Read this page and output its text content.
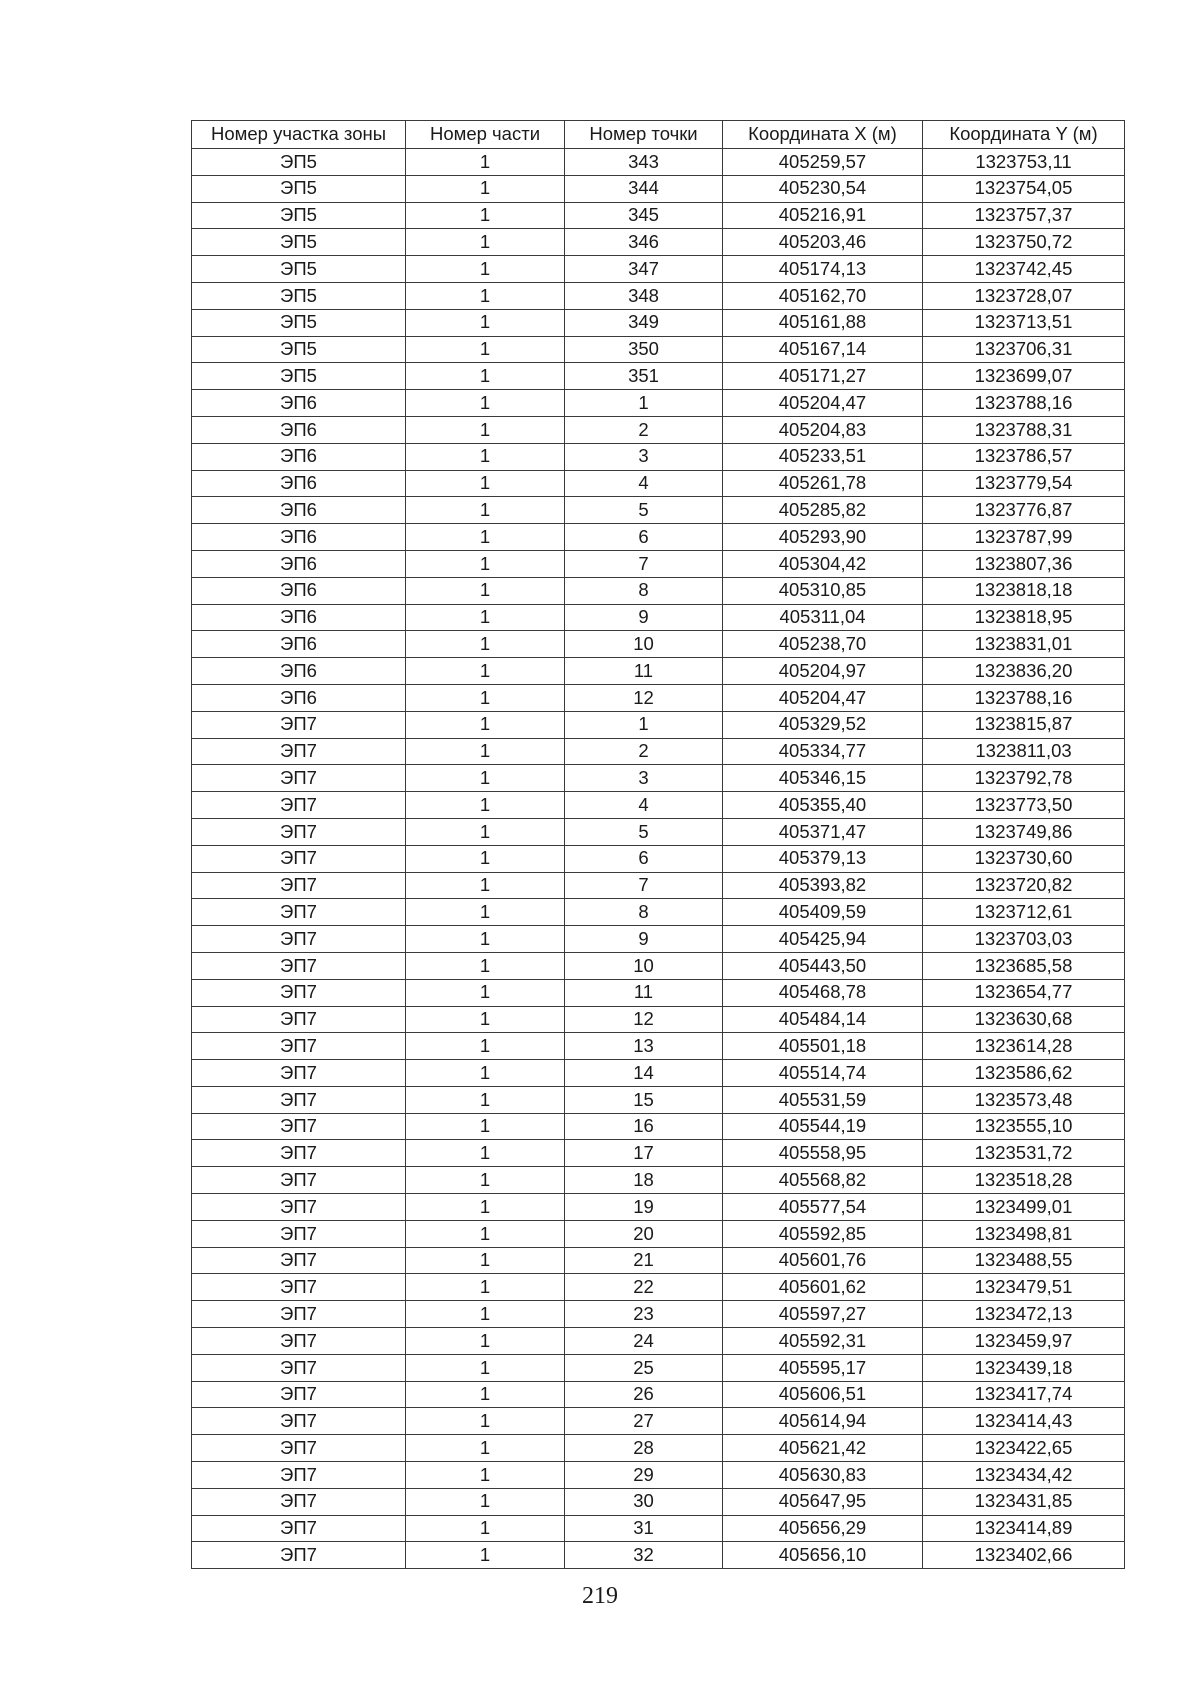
Номер участка зоны	Номер части	Номер точки	Координата X (м)	Координата Y (м)
ЭП5	1	343	405259,57	1323753,11
ЭП5	1	344	405230,54	1323754,05
ЭП5	1	345	405216,91	1323757,37
ЭП5	1	346	405203,46	1323750,72
ЭП5	1	347	405174,13	1323742,45
ЭП5	1	348	405162,70	1323728,07
ЭП5	1	349	405161,88	1323713,51
ЭП5	1	350	405167,14	1323706,31
ЭП5	1	351	405171,27	1323699,07
ЭП6	1	1	405204,47	1323788,16
ЭП6	1	2	405204,83	1323788,31
ЭП6	1	3	405233,51	1323786,57
ЭП6	1	4	405261,78	1323779,54
ЭП6	1	5	405285,82	1323776,87
ЭП6	1	6	405293,90	1323787,99
ЭП6	1	7	405304,42	1323807,36
ЭП6	1	8	405310,85	1323818,18
ЭП6	1	9	405311,04	1323818,95
ЭП6	1	10	405238,70	1323831,01
ЭП6	1	11	405204,97	1323836,20
ЭП6	1	12	405204,47	1323788,16
ЭП7	1	1	405329,52	1323815,87
ЭП7	1	2	405334,77	1323811,03
ЭП7	1	3	405346,15	1323792,78
ЭП7	1	4	405355,40	1323773,50
ЭП7	1	5	405371,47	1323749,86
ЭП7	1	6	405379,13	1323730,60
ЭП7	1	7	405393,82	1323720,82
ЭП7	1	8	405409,59	1323712,61
ЭП7	1	9	405425,94	1323703,03
ЭП7	1	10	405443,50	1323685,58
ЭП7	1	11	405468,78	1323654,77
ЭП7	1	12	405484,14	1323630,68
ЭП7	1	13	405501,18	1323614,28
ЭП7	1	14	405514,74	1323586,62
ЭП7	1	15	405531,59	1323573,48
ЭП7	1	16	405544,19	1323555,10
ЭП7	1	17	405558,95	1323531,72
ЭП7	1	18	405568,82	1323518,28
ЭП7	1	19	405577,54	1323499,01
ЭП7	1	20	405592,85	1323498,81
ЭП7	1	21	405601,76	1323488,55
ЭП7	1	22	405601,62	1323479,51
ЭП7	1	23	405597,27	1323472,13
ЭП7	1	24	405592,31	1323459,97
ЭП7	1	25	405595,17	1323439,18
ЭП7	1	26	405606,51	1323417,74
ЭП7	1	27	405614,94	1323414,43
ЭП7	1	28	405621,42	1323422,65
ЭП7	1	29	405630,83	1323434,42
ЭП7	1	30	405647,95	1323431,85
ЭП7	1	31	405656,29	1323414,89
ЭП7	1	32	405656,10	1323402,66
219
